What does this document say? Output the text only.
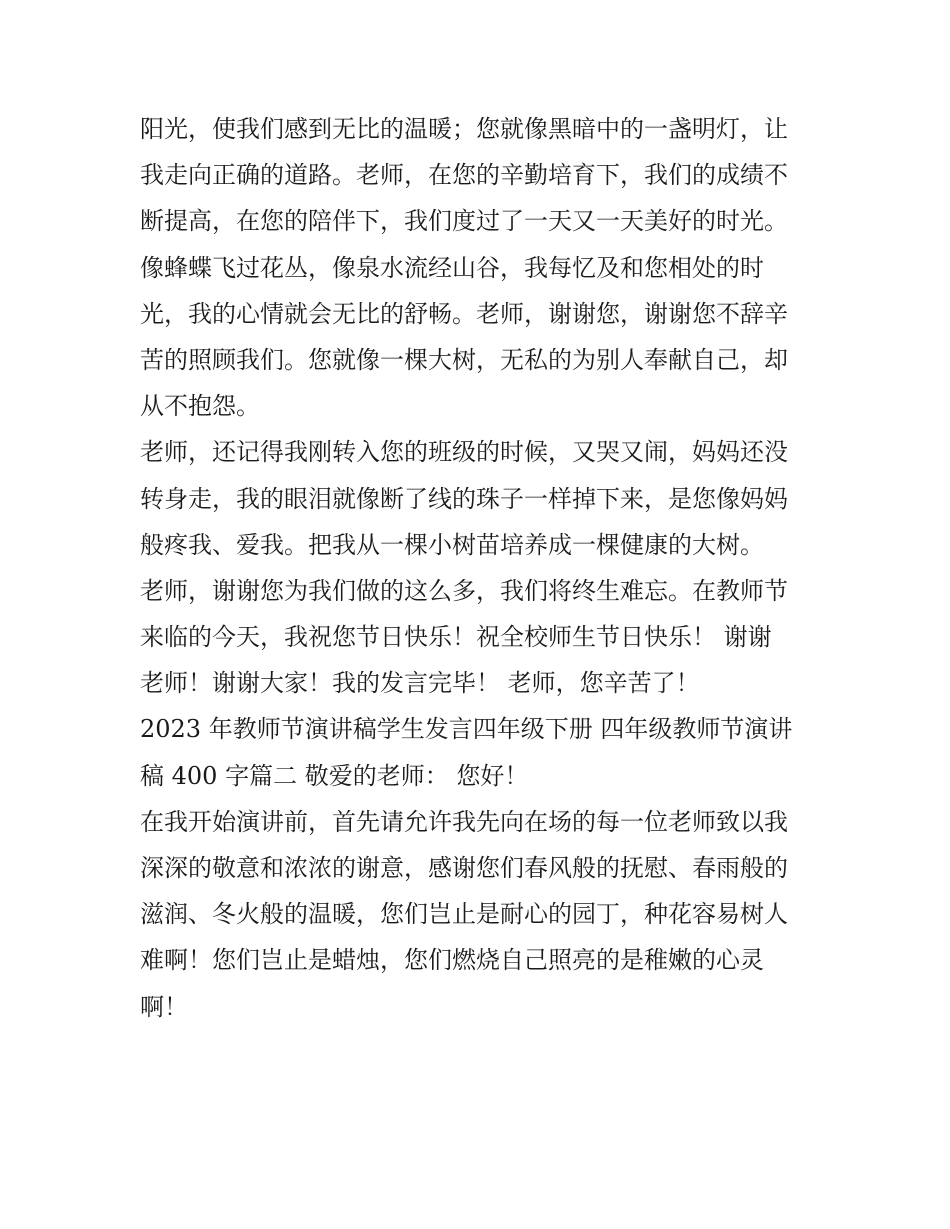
阳光，使我们感到无比的温暖；您就像黑暗中的一盏明灯，让
我走向正确的道路。老师，在您的辛勤培育下，我们的成绩不
断提高，在您的陪伴下，我们度过了一天又一天美好的时光。
像蜂蝶飞过花丛，像泉水流经山谷，我每忆及和您相处的时
光，我的心情就会无比的舒畅。老师，谢谢您，谢谢您不辞辛
苦的照顾我们。您就像一棵大树，无私的为别人奉献自己，却
从不抱怨。
老师，还记得我刚转入您的班级的时候，又哭又闹，妈妈还没
转身走，我的眼泪就像断了线的珠子一样掉下来，是您像妈妈
般疼我、爱我。把我从一棵小树苗培养成一棵健康的大树。
老师，谢谢您为我们做的这么多，我们将终生难忘。在教师节
来临的今天，我祝您节日快乐！祝全校师生节日快乐！ 谢谢
老师！谢谢大家！我的发言完毕！ 老师，您辛苦了！
2023 年教师节演讲稿学生发言四年级下册 四年级教师节演讲
稿 400 字篇二 敬爱的老师： 您好！
在我开始演讲前，首先请允许我先向在场的每一位老师致以我
深深的敬意和浓浓的谢意，感谢您们春风般的抚慰、春雨般的
滋润、冬火般的温暖，您们岂止是耐心的园丁，种花容易树人
难啊！您们岂止是蜡烛，您们燃烧自己照亮的是稚嫩的心灵
啊！
